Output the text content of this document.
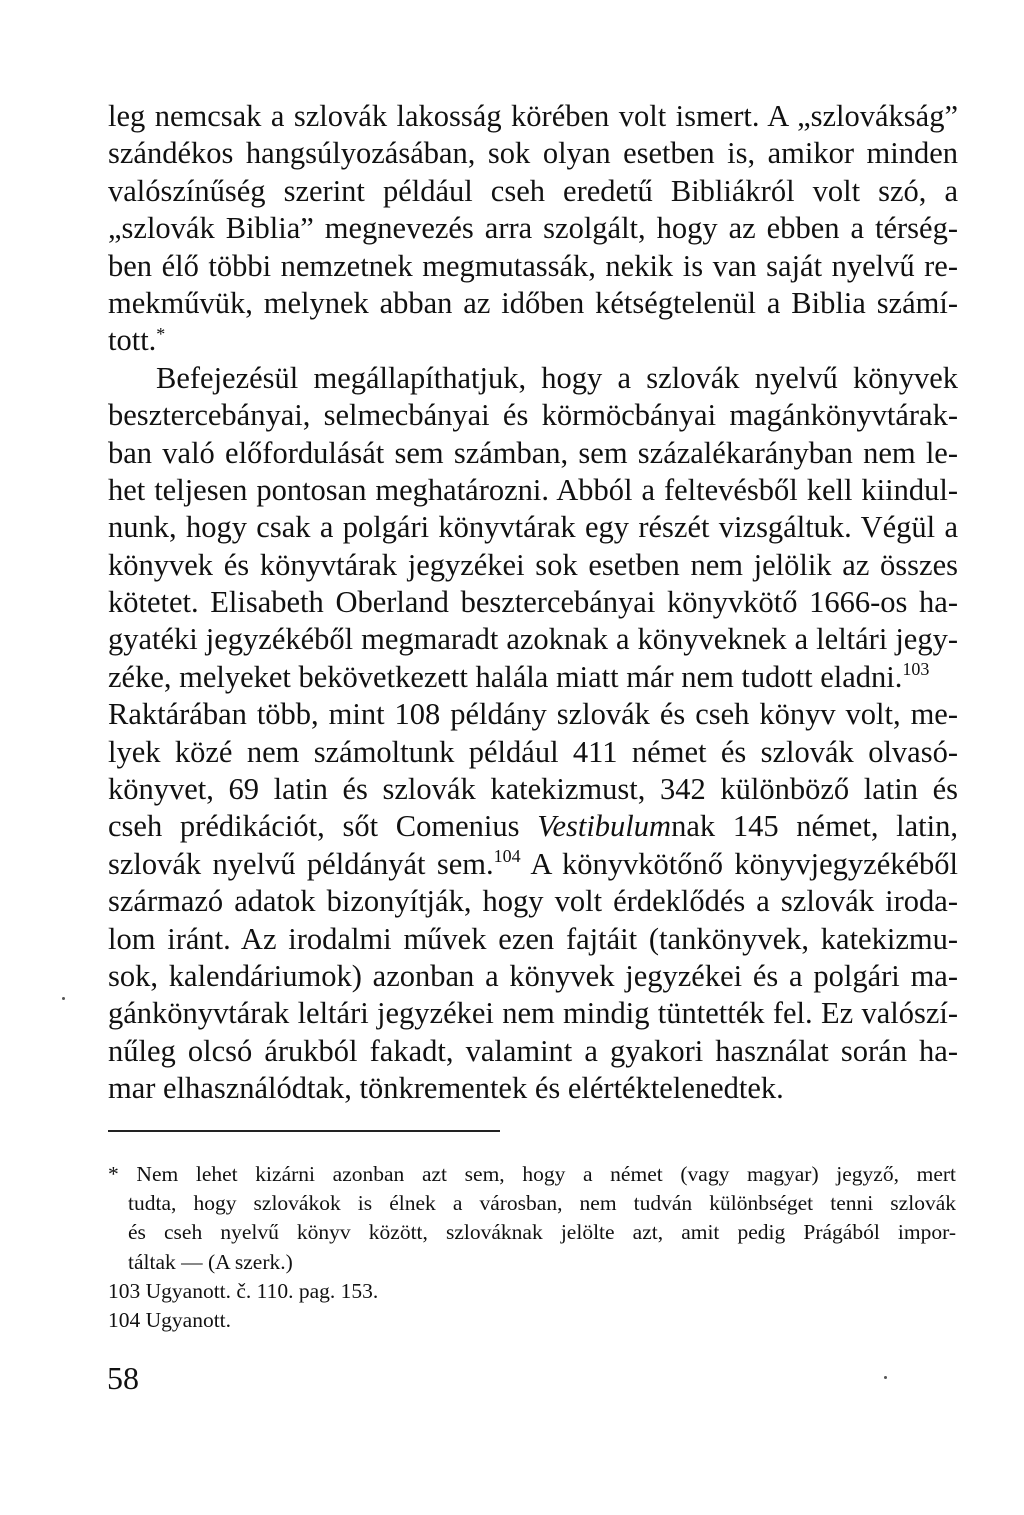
leg nemcsak a szlovák lakosság körében volt ismert. A „szlovákság”
szándékos hangsúlyozásában, sok olyan esetben is, amikor minden
valószínűség szerint például cseh eredetű Bibliákról volt szó, a
„szlovák Biblia” megnevezés arra szolgált, hogy az ebben a térség-
ben élő többi nemzetnek megmutassák, nekik is van saját nyelvű re-
mekművük, melynek abban az időben kétségtelenül a Biblia számí-
tott.*
Befejezésül megállapíthatjuk, hogy a szlovák nyelvű könyvek
besztercebányai, selmecbányai és körmöcbányai magánkönyvtárak-
ban való előfordulását sem számban, sem százalékarányban nem le-
het teljesen pontosan meghatározni. Abból a feltevésből kell kiindul-
nunk, hogy csak a polgári könyvtárak egy részét vizsgáltuk. Végül a
könyvek és könyvtárak jegyzékei sok esetben nem jelölik az összes
kötetet. Elisabeth Oberland besztercebányai könyvkötő 1666-os ha-
gyatéki jegyzékéből megmaradt azoknak a könyveknek a leltári jegy-
zéke, melyeket bekövetkezett halála miatt már nem tudott eladni.$^{103}$
Raktárában több, mint 108 példány szlovák és cseh könyv volt, me-
lyek közé nem számoltunk például 411 német és szlovák olvasó-
könyvet, 69 latin és szlovák katekizmust, 342 különböző latin és
cseh prédikációt, sőt Comenius Vestibulumnak 145 német, latin,
szlovák nyelvű példányát sem.$^{104}$ A könyvkötőnő könyvjegyzékéből
származó adatok bizonyítják, hogy volt érdeklődés a szlovák iroda-
lom iránt. Az irodalmi művek ezen fajtáit (tankönyvek, katekizmu-
sok, kalendáriumok) azonban a könyvek jegyzékei és a polgári ma-
gánkönyvtárak leltári jegyzékei nem mindig tüntették fel. Ez valószí-
nűleg olcsó árukból fakadt, valamint a gyakori használat során ha-
mar elhasználódtak, tönkrementek és elértéktelenedtek.
* Nem lehet kizárni azonban azt sem, hogy a német (vagy magyar) jegyző, mert
tudta, hogy szlovákok is élnek a városban, nem tudván különbséget tenni szlovák
és cseh nyelvű könyv között, szlováknak jelölte azt, amit pedig Prágából impor-
táltak — (A szerk.)
103 Ugyanott. č. 110. pag. 153.
104 Ugyanott.
58
